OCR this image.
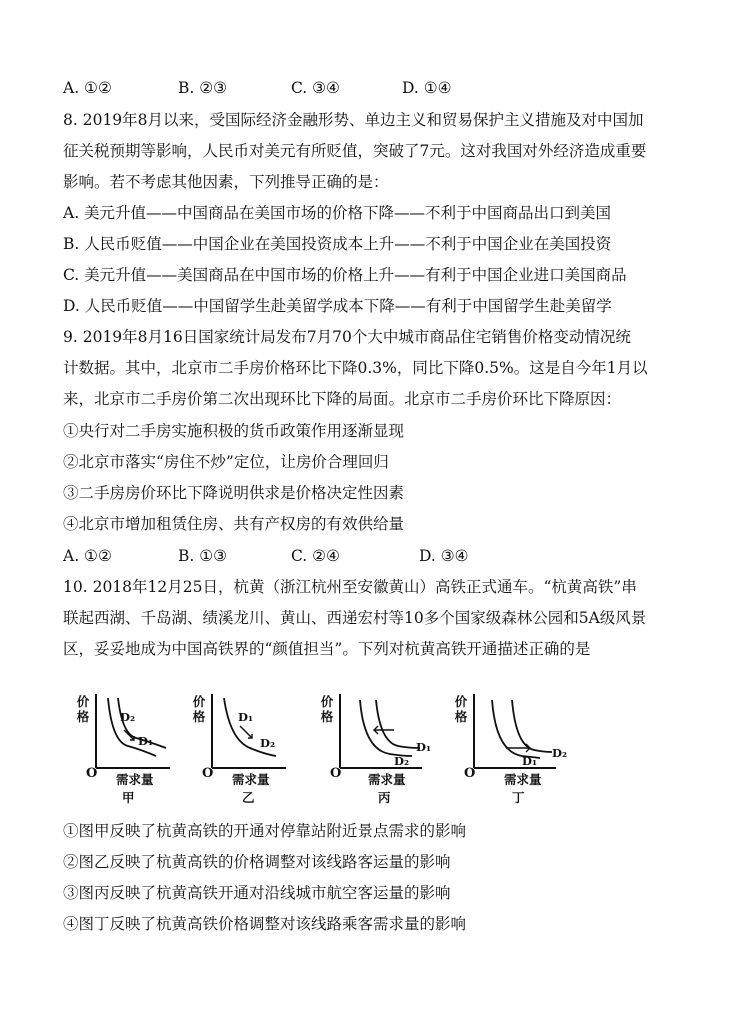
A. ①②	B. ②③	C. ③④	D. ①④
8. 2019年8月以来，受国际经济金融形势、单边主义和贸易保护主义措施及对中国加
征关税预期等影响，人民币对美元有所贬值，突破了7元。这对我国对外经济造成重要
影响。若不考虑其他因素，下列推导正确的是：
A. 美元升值——中国商品在美国市场的价格下降——不利于中国商品出口到美国
B. 人民币贬值——中国企业在美国投资成本上升——不利于中国企业在美国投资
C. 美元升值——美国商品在中国市场的价格上升——有利于中国企业进口美国商品
D. 人民币贬值——中国留学生赴美留学成本下降——有利于中国留学生赴美留学
9. 2019年8月16日国家统计局发布7月70个大中城市商品住宅销售价格变动情况统
计数据。其中，北京市二手房价格环比下降0.3%，同比下降0.5%。这是自今年1月以
来，北京市二手房价第二次出现环比下降的局面。北京市二手房价环比下降原因：
①央行对二手房实施积极的货币政策作用逐渐显现
②北京市落实“房住不炒”定位，让房价合理回归
③二手房房价环比下降说明供求是价格决定性因素
④北京市增加租赁住房、共有产权房的有效供给量
A. ①②	B. ①③	C. ②④	D. ③④
10. 2018年12月25日，杭黄（浙江杭州至安徽黄山）高铁正式通车。“杭黄高铁”串
联起西湖、千岛湖、绩溪龙川、黄山、西递宏村等10多个国家级森林公园和5A级风景
区，妥妥地成为中国高铁界的“颜值担当”。下列对杭黄高铁开通描述正确的是
价格	D₂
D₁
O 需求量
甲
价格	D₁
D₂
O 需求量
乙
价格
D₁
D₂
O 需求量
丙
价格
D₁
D₂
O 需求量
丁
①图甲反映了杭黄高铁的开通对停靠站附近景点需求的影响
②图乙反映了杭黄高铁的价格调整对该线路客运量的影响
③图丙反映了杭黄高铁开通对沿线城市航空客运量的影响
④图丁反映了杭黄高铁价格调整对该线路乘客需求量的影响
